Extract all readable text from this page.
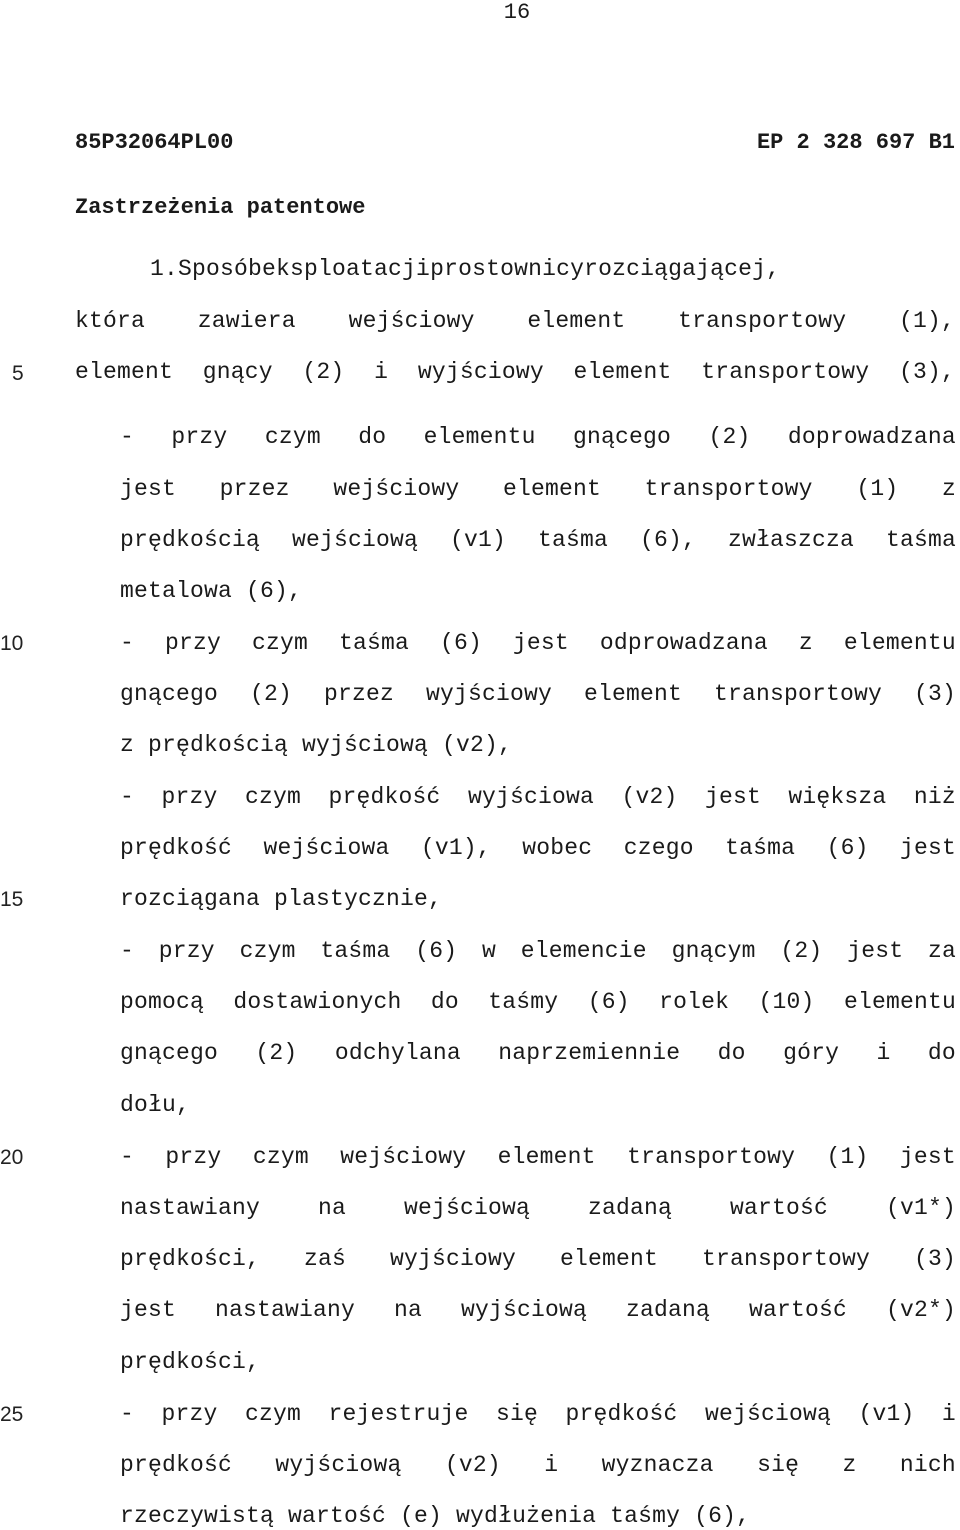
16
85P32064PL00	EP 2 328 697 B1
Zastrzeżenia patentowe
5
10
15
20
25
1. Sposób eksploatacji prostownicy rozciągającej,
która zawiera wejściowy element transportowy (1),
element gnący (2) i wyjściowy element transportowy (3),
- przy czym do elementu gnącego (2) doprowadzana
jest przez wejściowy element transportowy (1) z
prędkością wejściową (v1) taśma (6), zwłaszcza taśma
metalowa (6),
- przy czym taśma (6) jest odprowadzana z elementu
gnącego (2) przez wyjściowy element transportowy (3)
z prędkością wyjściową (v2),
- przy czym prędkość wyjściowa (v2) jest większa niż
prędkość wejściowa (v1), wobec czego taśma (6) jest
rozciągana plastycznie,
- przy czym taśma (6) w elemencie gnącym (2) jest za
pomocą dostawionych do taśmy (6) rolek (10) elementu
gnącego (2) odchylana naprzemiennie do góry i do
dołu,
- przy czym wejściowy element transportowy (1) jest
nastawiany	na	wejściową	zadaną	wartość	(v1*)
prędkości, zaś wyjściowy element transportowy (3)
jest nastawiany na wyjściową zadaną wartość (v2*)
prędkości,
- przy czym rejestruje się prędkość wejściową (v1) i
prędkość wyjściową (v2) i wyznacza się z nich
rzeczywistą wartość (e) wydłużenia taśmy (6),
